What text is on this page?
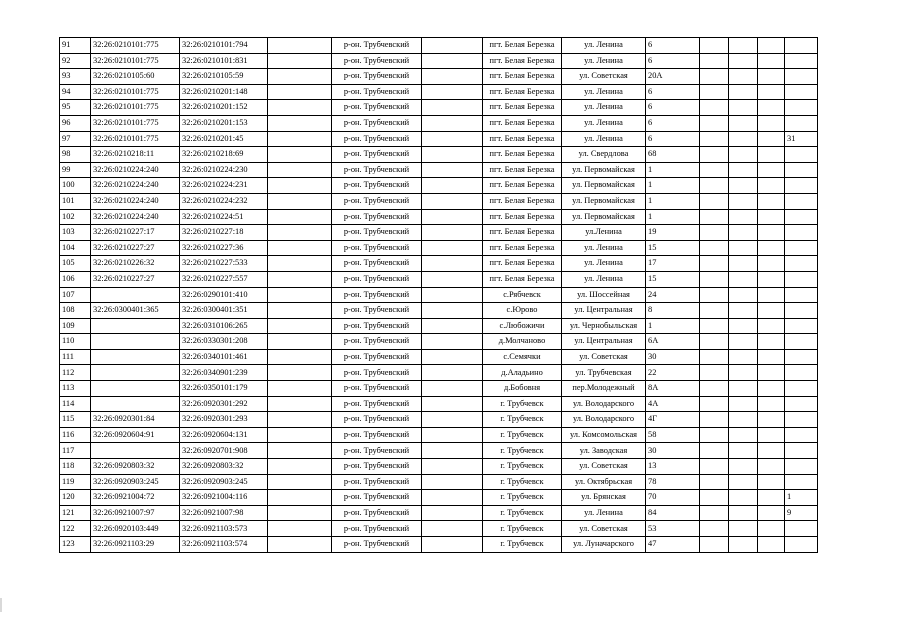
91	32:26:0210101:775	32:26:0210101:794		р-он. Трубчевский		пгт. Белая Березка	ул. Ленина	6				
92	32:26:0210101:775	32:26:0210101:831		р-он. Трубчевский		пгт. Белая Березка	ул. Ленина	6				
93	32:26:0210105:60	32:26:0210105:59		р-он. Трубчевский		пгт. Белая Березка	ул. Советская	20А				
94	32:26:0210101:775	32:26:0210201:148		р-он. Трубчевский		пгт. Белая Березка	ул. Ленина	6				
95	32:26:0210101:775	32:26:0210201:152		р-он. Трубчевский		пгт. Белая Березка	ул. Ленина	6				
96	32:26:0210101:775	32:26:0210201:153		р-он. Трубчевский		пгт. Белая Березка	ул. Ленина	6				
97	32:26:0210101:775	32:26:0210201:45		р-он. Трубчевский		пгт. Белая Березка	ул. Ленина	6				31
98	32:26:0210218:11	32:26:0210218:69		р-он. Трубчевский		пгт. Белая Березка	ул. Свердлова	68				
99	32:26:0210224:240	32:26:0210224:230		р-он. Трубчевский		пгт. Белая Березка	ул. Первомайская	1				
100	32:26:0210224:240	32:26:0210224:231		р-он. Трубчевский		пгт. Белая Березка	ул. Первомайская	1				
101	32:26:0210224:240	32:26:0210224:232		р-он. Трубчевский		пгт. Белая Березка	ул. Первомайская	1				
102	32:26:0210224:240	32:26:0210224:51		р-он. Трубчевский		пгт. Белая Березка	ул. Первомайская	1				
103	32:26:0210227:17	32:26:0210227:18		р-он. Трубчевский		пгт. Белая Березка	ул.Ленина	19				
104	32:26:0210227:27	32:26:0210227:36		р-он. Трубчевский		пгт. Белая Березка	ул. Ленина	15				
105	32:26:0210226:32	32:26:0210227:533		р-он. Трубчевский		пгт. Белая Березка	ул. Ленина	17				
106	32:26:0210227:27	32:26:0210227:557		р-он. Трубчевский		пгт. Белая Березка	ул. Ленина	15				
107		32:26:0290101:410		р-он. Трубчевский		с.Рябчевск	ул. Шоссейная	24				
108	32:26:0300401:365	32:26:0300401:351		р-он. Трубчевский		с.Юрово	ул. Центральная	8				
109		32:26:0310106:265		р-он. Трубчевский		с.Любожичи	ул. Чернобыльская	1				
110		32:26:0330301:208		р-он. Трубчевский		д.Молчаново	ул. Центральная	6А				
111		32:26:0340101:461		р-он. Трубчевский		с.Семячки	ул. Советская	30				
112		32:26:0340901:239		р-он. Трубчевский		д.Аладьино	ул. Трубчевская	22				
113		32:26:0350101:179		р-он. Трубчевский		д.Бобовня	пер.Молодежный	8А				
114		32:26:0920301:292		р-он. Трубчевский		г. Трубчевск	ул. Володарского	4А				
115	32:26:0920301:84	32:26:0920301:293		р-он. Трубчевский		г. Трубчевск	ул. Володарского	4Г				
116	32:26:0920604:91	32:26:0920604:131		р-он. Трубчевский		г. Трубчевск	ул. Комсомольская	58				
117		32:26:0920701:908		р-он. Трубчевский		г. Трубчевск	ул. Заводская	30				
118	32:26:0920803:32	32:26:0920803:32		р-он. Трубчевский		г. Трубчевск	ул. Советская	13				
119	32:26:0920903:245	32:26:0920903:245		р-он. Трубчевский		г. Трубчевск	ул. Октябрьская	78				
120	32:26:0921004:72	32:26:0921004:116		р-он. Трубчевский		г. Трубчевск	ул. Брянская	70				1
121	32:26:0921007:97	32:26:0921007:98		р-он. Трубчевский		г. Трубчевск	ул. Ленина	84				9
122	32:26:0920103:449	32:26:0921103:573		р-он. Трубчевский		г. Трубчевск	ул. Советская	53				
123	32:26:0921103:29	32:26:0921103:574		р-он. Трубчевский		г. Трубчевск	ул. Луначарского	47				
